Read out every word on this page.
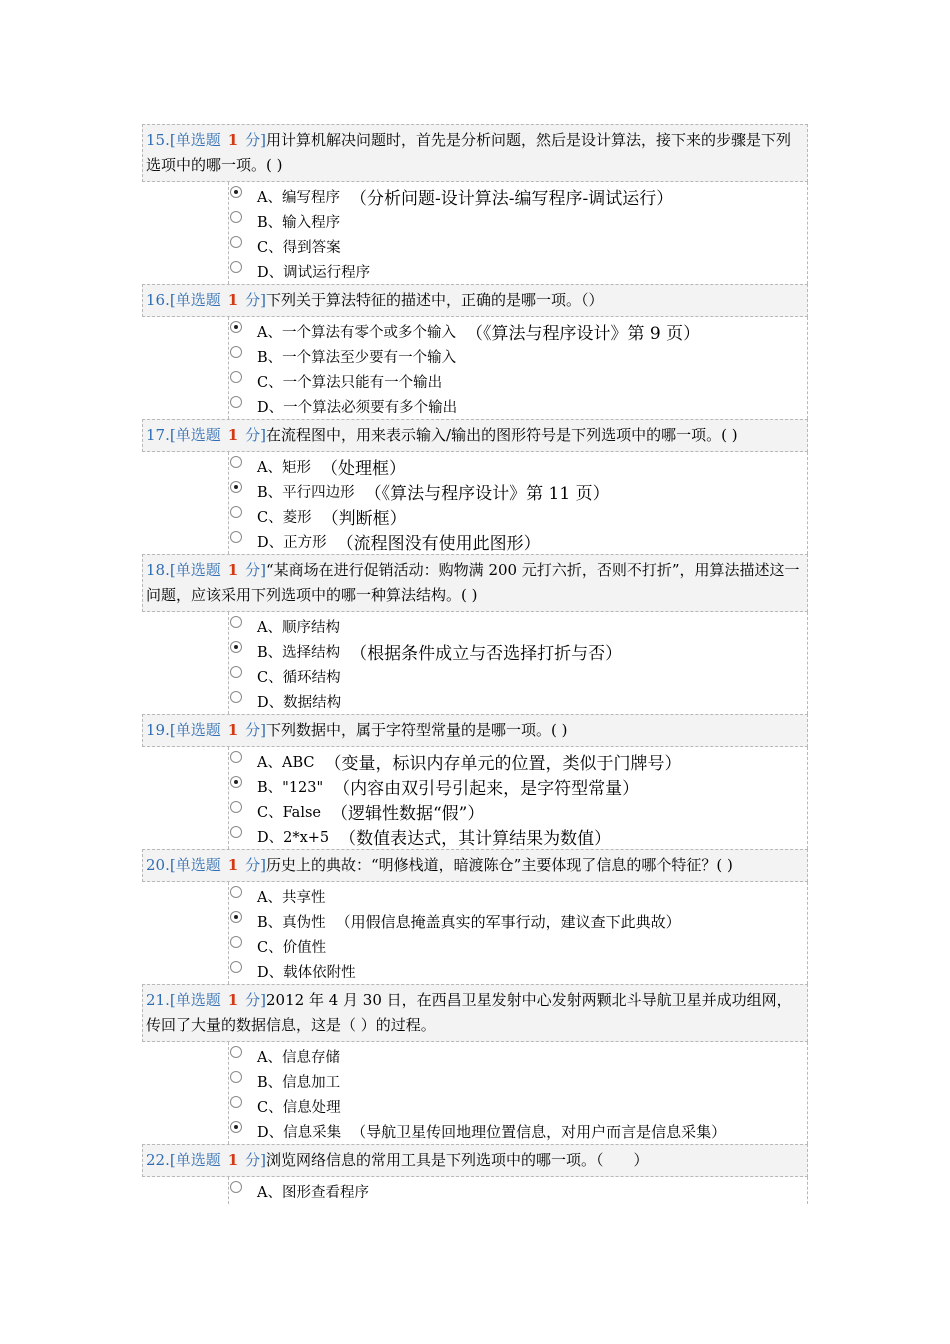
15.[单选题 1 分]用计算机解决问题时，首先是分析问题，然后是设计算法，接下来的步骤是下列选项中的哪一项。( )
A、编写程序 （分析问题-设计算法-编写程序-调试运行）
B、输入程序
C、得到答案
D、调试运行程序
16.[单选题 1 分]下列关于算法特征的描述中，正确的是哪一项。（）
A、一个算法有零个或多个输入 （《算法与程序设计》第 9 页）
B、一个算法至少要有一个输入
C、一个算法只能有一个输出
D、一个算法必须要有多个输出
17.[单选题 1 分]在流程图中，用来表示输入/输出的图形符号是下列选项中的哪一项。( )
A、矩形 （处理框）
B、平行四边形 （《算法与程序设计》第 11 页）
C、菱形 （判断框）
D、正方形 （流程图没有使用此图形）
18.[单选题 1 分]“某商场在进行促销活动：购物满 200 元打六折，否则不打折”，用算法描述这一问题，应该采用下列选项中的哪一种算法结构。( )
A、顺序结构
B、选择结构 （根据条件成立与否选择打折与否）
C、循环结构
D、数据结构
19.[单选题 1 分]下列数据中，属于字符型常量的是哪一项。( )
A、ABC （变量，标识内存单元的位置，类似于门牌号）
B、"123" （内容由双引号引起来，是字符型常量）
C、False （逻辑性数据“假”）
D、2*x+5 （数值表达式，其计算结果为数值）
20.[单选题 1 分]历史上的典故：“明修栈道，暗渡陈仓”主要体现了信息的哪个特征？( )
A、共享性
B、真伪性 （用假信息掩盖真实的军事行动，建议查下此典故）
C、价值性
D、载体依附性
21.[单选题 1 分]2012 年 4 月 30 日，在西昌卫星发射中心发射两颗北斗导航卫星并成功组网，传回了大量的数据信息，这是（ ）的过程。
A、信息存储
B、信息加工
C、信息处理
D、信息采集 （导航卫星传回地理位置信息，对用户而言是信息采集）
22.[单选题 1 分]浏览网络信息的常用工具是下列选项中的哪一项。（　　）
A、图形查看程序
